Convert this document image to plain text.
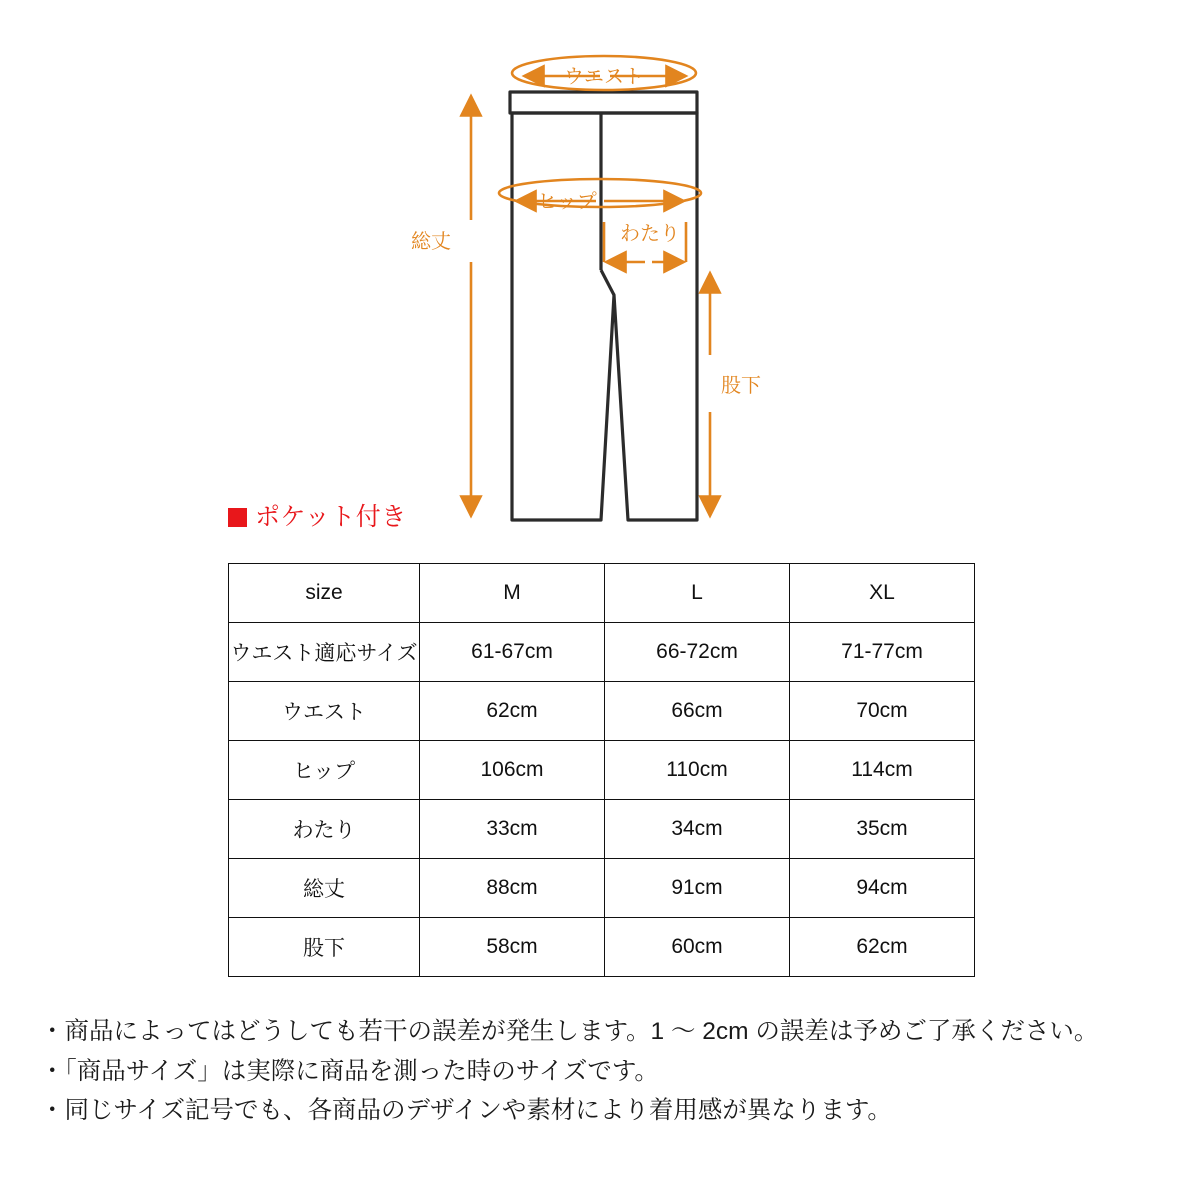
ウエスト
ヒップ
わたり
総丈
股下
ポケット付き
size	M	L	XL
ウエスト適応サイズ	61-67cm	66-72cm	71-77cm
ウエスト	62cm	66cm	70cm
ヒップ	106cm	110cm	114cm
わたり	33cm	34cm	35cm
総丈	88cm	91cm	94cm
股下	58cm	60cm	62cm
・商品によってはどうしても若干の誤差が発生します。1 ～ 2cm の誤差は予めご了承ください。
・「商品サイズ」は実際に商品を測った時のサイズです。
・同じサイズ記号でも、各商品のデザインや素材により着用感が異なります。
